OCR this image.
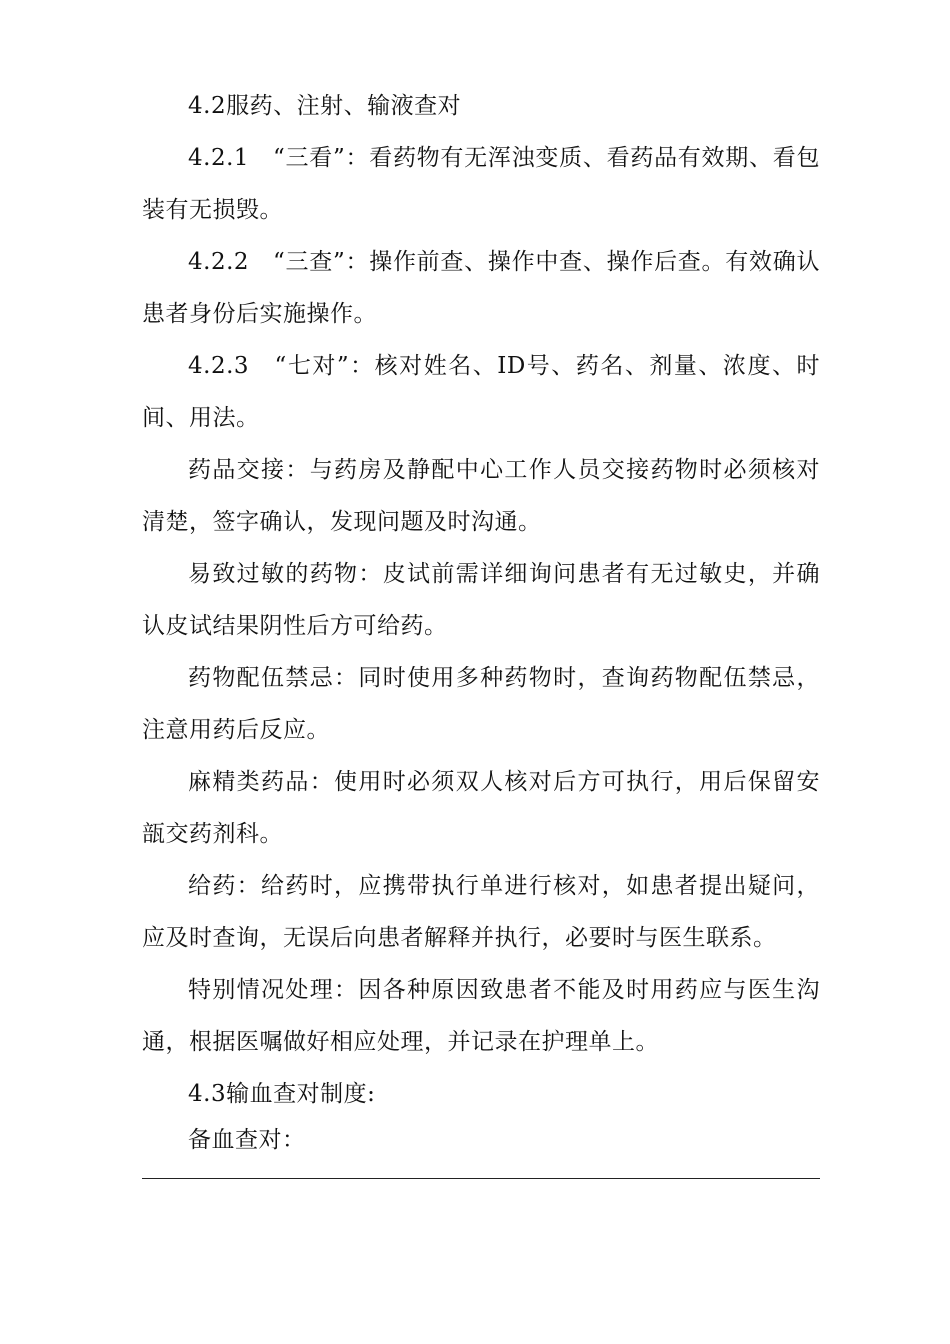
4.2服药、注射、输液查对

4.2.1　“三看”：看药物有无浑浊变质、看药品有效期、看包装有无损毁。

4.2.2　“三查”：操作前查、操作中查、操作后查。有效确认患者身份后实施操作。

4.2.3　“七对”：核对姓名、ID号、药名、剂量、浓度、时间、用法。

药品交接：与药房及静配中心工作人员交接药物时必须核对清楚，签字确认，发现问题及时沟通。

易致过敏的药物：皮试前需详细询问患者有无过敏史，并确认皮试结果阴性后方可给药。

药物配伍禁忌：同时使用多种药物时，查询药物配伍禁忌，注意用药后反应。

麻精类药品：使用时必须双人核对后方可执行，用后保留安瓿交药剂科。

给药：给药时，应携带执行单进行核对，如患者提出疑问，应及时查询，无误后向患者解释并执行，必要时与医生联系。

特别情况处理：因各种原因致患者不能及时用药应与医生沟通，根据医嘱做好相应处理，并记录在护理单上。

4.3输血查对制度:

备血查对：
